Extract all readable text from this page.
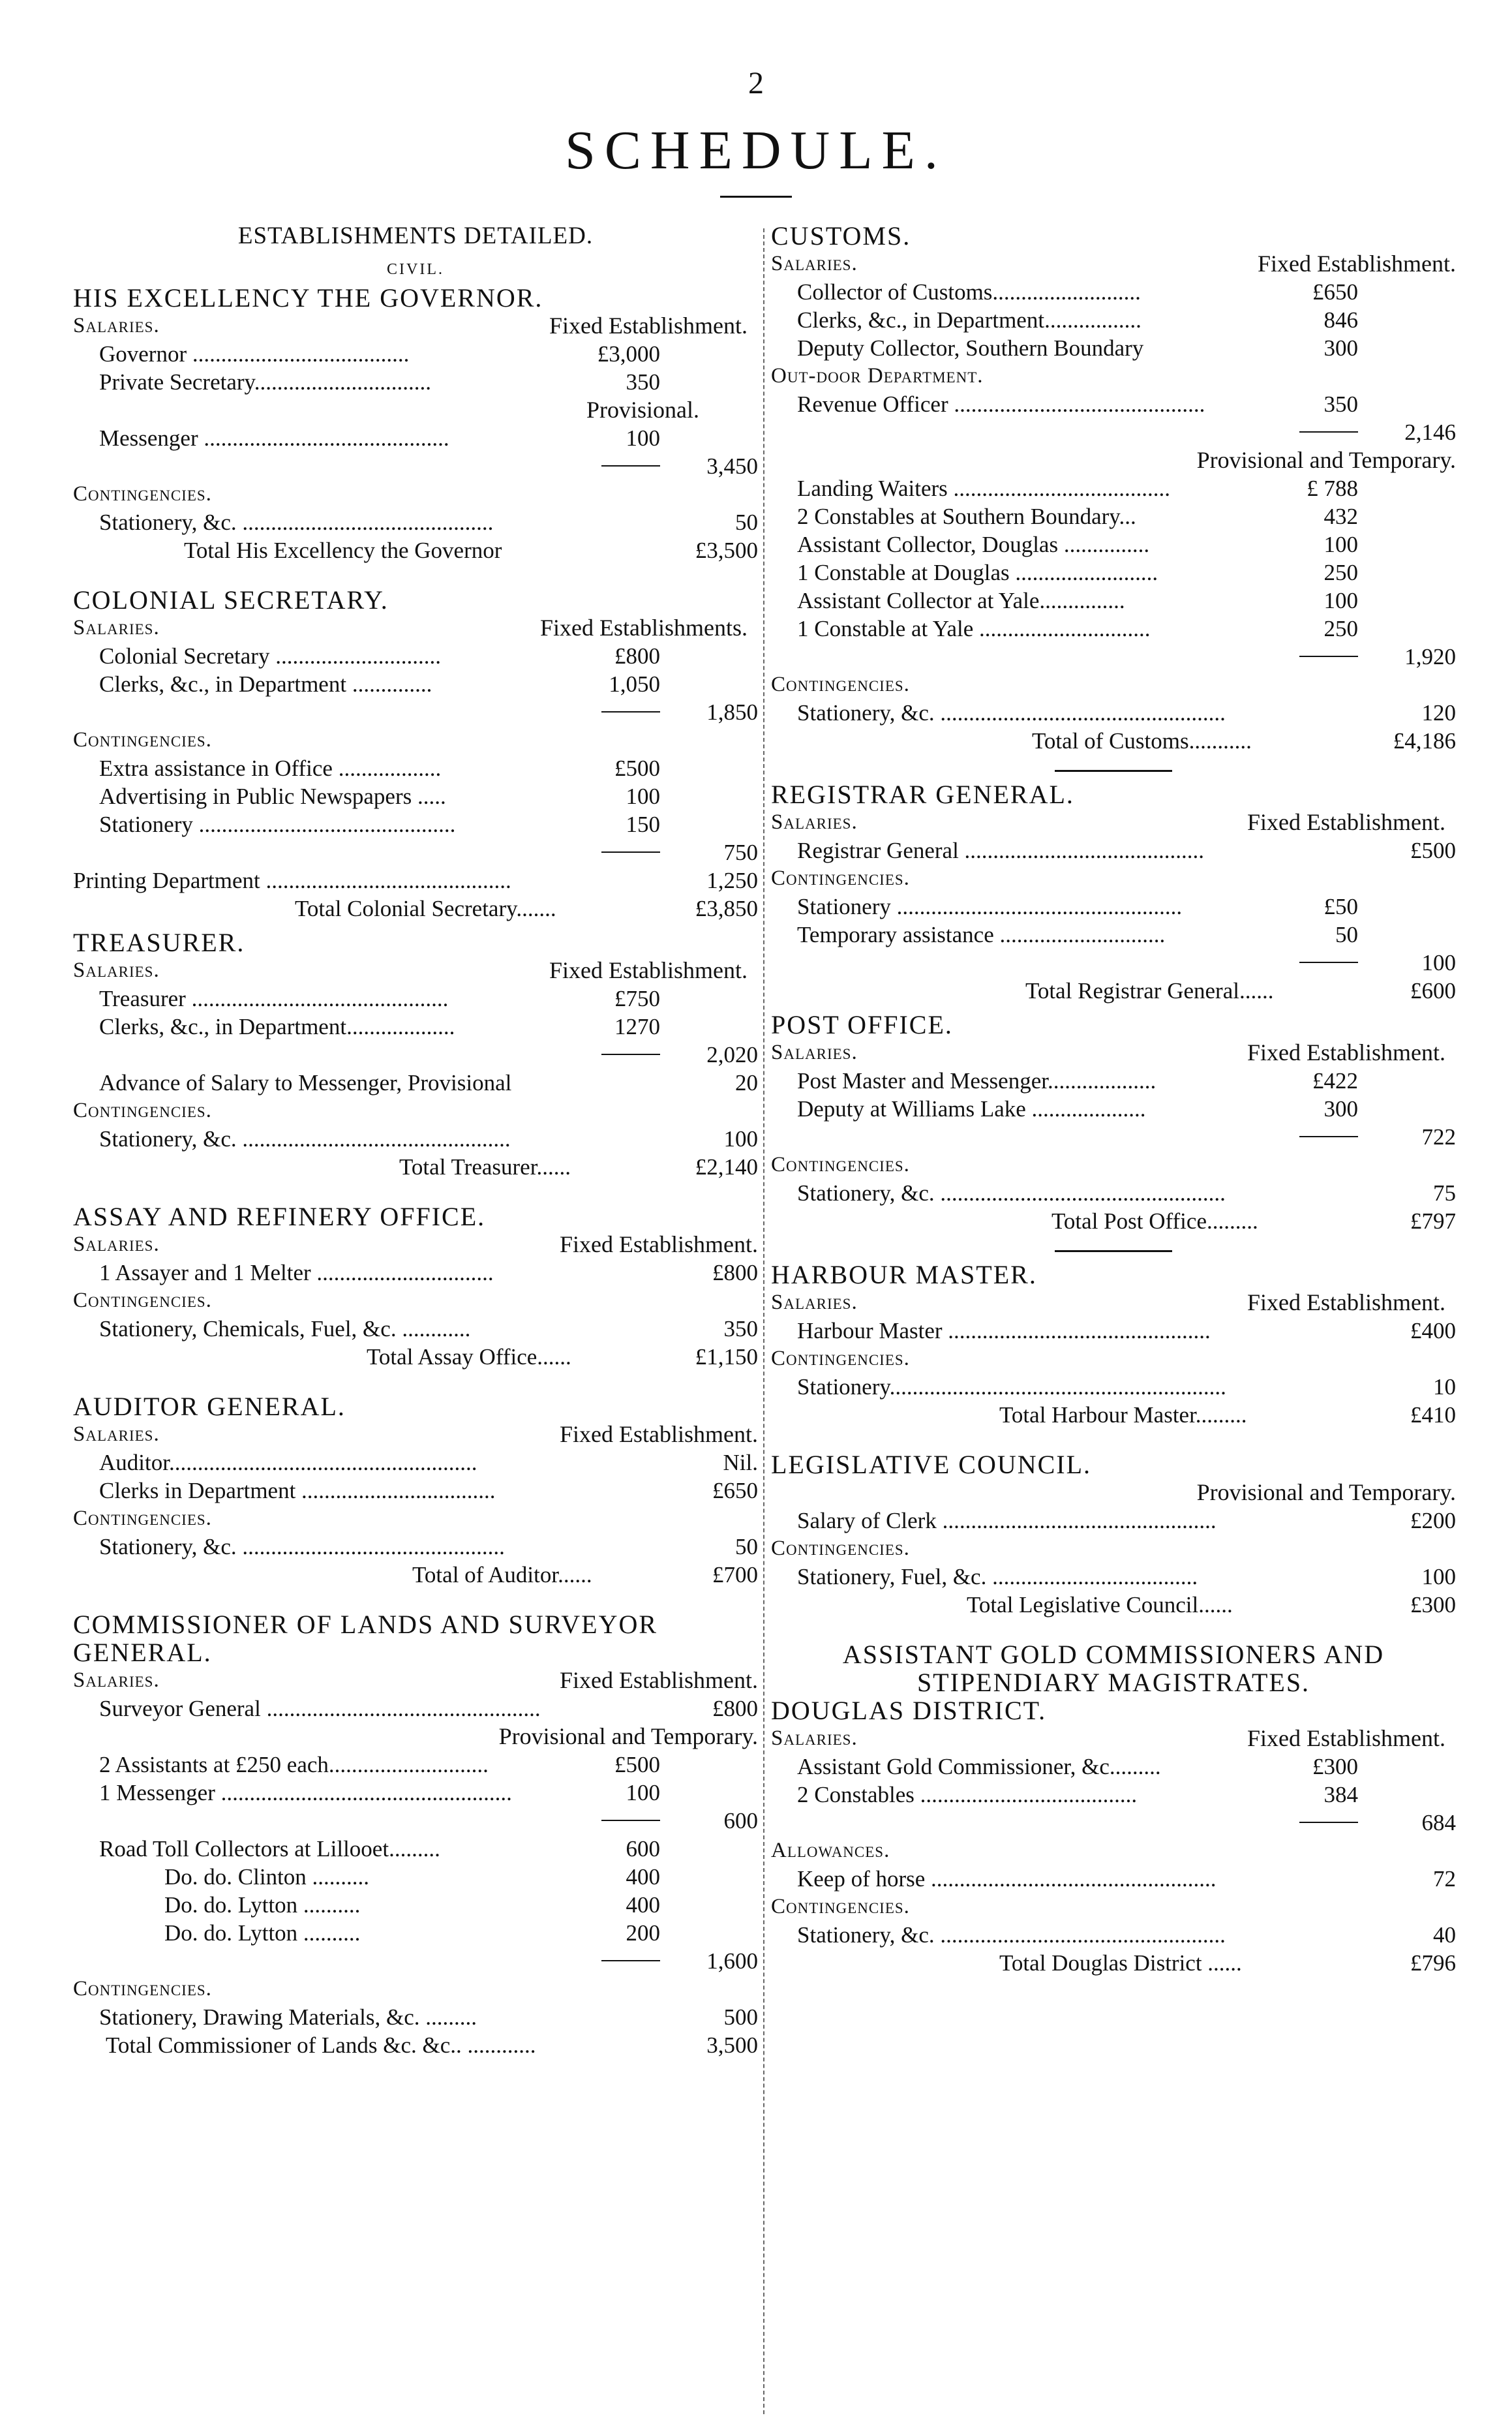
2
SCHEDULE.
ESTABLISHMENTS DETAILED.
CIVIL.
HIS EXCELLENCY THE GOVERNOR.
Salaries.	Fixed Establishment.
Governor ......................................	£3,000
Private Secretary...............................	350
Provisional.
Messenger ...........................................	100
3,450
Contingencies.
Stationery, &c. ............................................	50
Total His Excellency the Governor	£3,500
COLONIAL SECRETARY.
Salaries.	Fixed Establishments.
Colonial Secretary .............................	£800
Clerks, &c., in Department ..............	1,050
1,850
Contingencies.
Extra assistance in Office ..................	£500
Advertising in Public Newspapers .....	100
Stationery .............................................	150
750
Printing Department ...........................................	1,250
Total Colonial Secretary.......	£3,850
TREASURER.
Salaries.	Fixed Establishment.
Treasurer .............................................	£750
Clerks, &c., in Department...................	1270
2,020
Advance of Salary to Messenger, Provisional	20
Contingencies.
Stationery, &c. ...............................................	100
Total Treasurer......	£2,140
ASSAY AND REFINERY OFFICE.
Salaries.	Fixed Establishment.
1 Assayer and 1 Melter ...............................	£800
Contingencies.
Stationery, Chemicals, Fuel, &c. ............	350
Total Assay Office......	£1,150
AUDITOR GENERAL.
Salaries.	Fixed Establishment.
Auditor......................................................	Nil.
Clerks in Department ..................................	£650
Contingencies.
Stationery, &c. ..............................................	50
Total of Auditor......	£700
COMMISSIONER OF LANDS AND SURVEYOR GENERAL.
Salaries.	Fixed Establishment.
Surveyor General ................................................	£800
Provisional and Temporary.
2 Assistants at £250 each............................	£500
1 Messenger ...................................................	100
600
Road Toll Collectors at Lillooet.........	600
Do. do. Clinton ..........	400
Do. do. Lytton ..........	400
Do. do. Lytton ..........	200
1,600
Contingencies.
Stationery, Drawing Materials, &c. .........	500
Total Commissioner of Lands &c. &c.. ............	3,500
CUSTOMS.
Salaries.	Fixed Establishment.
Collector of Customs..........................	£650
Clerks, &c., in Department.................	846
Deputy Collector, Southern Boundary	300
Out-door Department.
Revenue Officer ............................................	350
2,146
Provisional and Temporary.
Landing Waiters ......................................	£ 788
2 Constables at Southern Boundary...	432
Assistant Collector, Douglas ...............	100
1 Constable at Douglas .........................	250
Assistant Collector at Yale...............	100
1 Constable at Yale ..............................	250
1,920
Contingencies.
Stationery, &c. ..................................................	120
Total of Customs...........	£4,186
REGISTRAR GENERAL.
Salaries.	Fixed Establishment.
Registrar General ..........................................	£500
Contingencies.
Stationery ..................................................	£50
Temporary assistance .............................	50
100
Total Registrar General......	£600
POST OFFICE.
Salaries.	Fixed Establishment.
Post Master and Messenger...................	£422
Deputy at Williams Lake ....................	300
722
Contingencies.
Stationery, &c. ..................................................	75
Total Post Office.........	£797
HARBOUR MASTER.
Salaries.	Fixed Establishment.
Harbour Master ..............................................	£400
Contingencies.
Stationery...........................................................	10
Total Harbour Master.........	£410
LEGISLATIVE COUNCIL.
Provisional and Temporary.
Salary of Clerk ................................................	£200
Contingencies.
Stationery, Fuel, &c. ....................................	100
Total Legislative Council......	£300
ASSISTANT GOLD COMMISSIONERS AND STIPENDIARY MAGISTRATES.
DOUGLAS DISTRICT.
Salaries.	Fixed Establishment.
Assistant Gold Commissioner, &c.........	£300
2 Constables ......................................	384
684
Allowances.
Keep of horse ..................................................	72
Contingencies.
Stationery, &c. ..................................................	40
Total Douglas District ......	£796
